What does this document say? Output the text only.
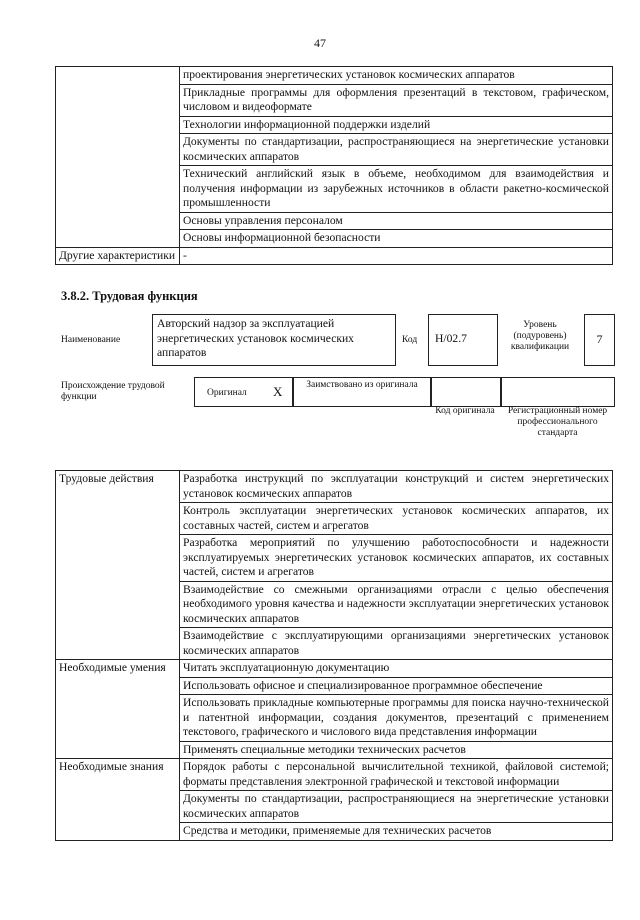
47
	проектирования энергетических установок космических аппаратов
	Прикладные программы для оформления презентаций в текстовом, графическом, числовом и видеоформате
	Технологии информационной поддержки изделий
	Документы по стандартизации, распространяющиеся на энергетические установки космических аппаратов
	Технический английский язык в объеме, необходимом для взаимодействия и получения информации из зарубежных источников в области ракетно-космической промышленности
	Основы управления персоналом
	Основы информационной безопасности
Другие характеристики	-
3.8.2. Трудовая функция
Наименование
Авторский надзор за эксплуатацией энергетических установок космических аппаратов
Код	H/02.7
Уровень (подуровень) квалификации
7
Происхождение трудовой функции	Оригинал X	Заимствовано из оригинала
Код оригинала	Регистрационный номер профессионального стандарта
Трудовые действия	Разработка инструкций по эксплуатации конструкций и систем энергетических установок космических аппаратов
	Контроль эксплуатации энергетических установок космических аппаратов, их составных частей, систем и агрегатов
	Разработка мероприятий по улучшению работоспособности и надежности эксплуатируемых энергетических установок космических аппаратов, их составных частей, систем и агрегатов
	Взаимодействие со смежными организациями отрасли с целью обеспечения необходимого уровня качества и надежности эксплуатации энергетических установок космических аппаратов
	Взаимодействие с эксплуатирующими организациями энергетических установок космических аппаратов
Необходимые умения	Читать эксплуатационную документацию
	Использовать офисное и специализированное программное обеспечение
	Использовать прикладные компьютерные программы для поиска научно-технической и патентной информации, создания документов, презентаций с применением текстового, графического и числового вида представления информации
	Применять специальные методики технических расчетов
Необходимые знания	Порядок работы с персональной вычислительной техникой, файловой системой; форматы представления электронной графической и текстовой информации
	Документы по стандартизации, распространяющиеся на энергетические установки космических аппаратов
	Средства и методики, применяемые для технических расчетов
